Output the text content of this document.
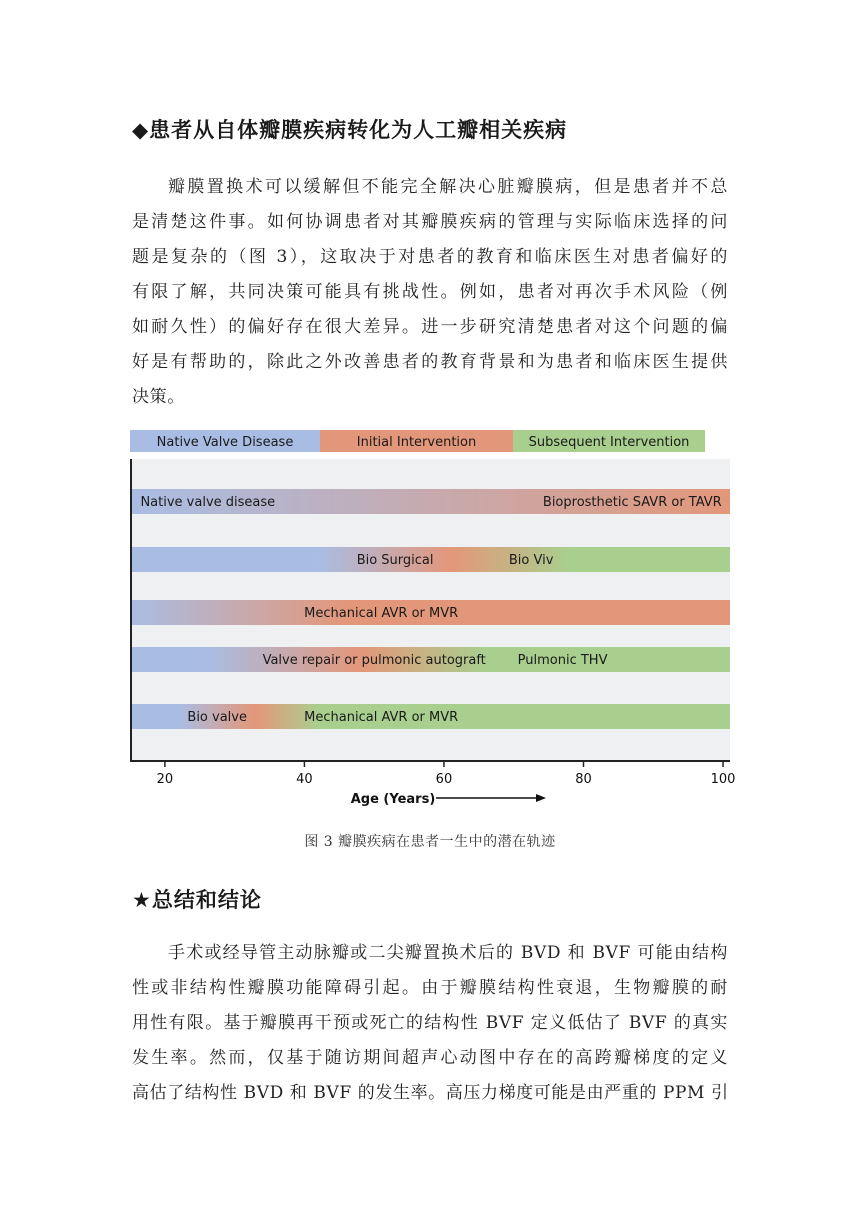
◆患者从自体瓣膜疾病转化为人工瓣相关疾病
瓣膜置换术可以缓解但不能完全解决心脏瓣膜病，但是患者并不总
是清楚这件事。如何协调患者对其瓣膜疾病的管理与实际临床选择的问
题是复杂的（图 3），这取决于对患者的教育和临床医生对患者偏好的
有限了解，共同决策可能具有挑战性。例如，患者对再次手术风险（例
如耐久性）的偏好存在很大差异。进一步研究清楚患者对这个问题的偏
好是有帮助的，除此之外改善患者的教育背景和为患者和临床医生提供
决策。
Native Valve Disease	Initial Intervention	Subsequent Intervention
Native valve disease	Bioprosthetic SAVR or TAVR
Bio Surgical	Bio Viv
Mechanical AVR or MVR
Valve repair or pulmonic autograft Pulmonic THV
Bio valve	Mechanical AVR or MVR
20	40	60	80	100
Age (Years)
图 3 瓣膜疾病在患者一生中的潜在轨迹
★总结和结论
手术或经导管主动脉瓣或二尖瓣置换术后的 BVD 和 BVF 可能由结构
性或非结构性瓣膜功能障碍引起。由于瓣膜结构性衰退，生物瓣膜的耐
用性有限。基于瓣膜再干预或死亡的结构性 BVF 定义低估了 BVF 的真实
发生率。然而，仅基于随访期间超声心动图中存在的高跨瓣梯度的定义
高估了结构性 BVD 和 BVF 的发生率。高压力梯度可能是由严重的 PPM 引
